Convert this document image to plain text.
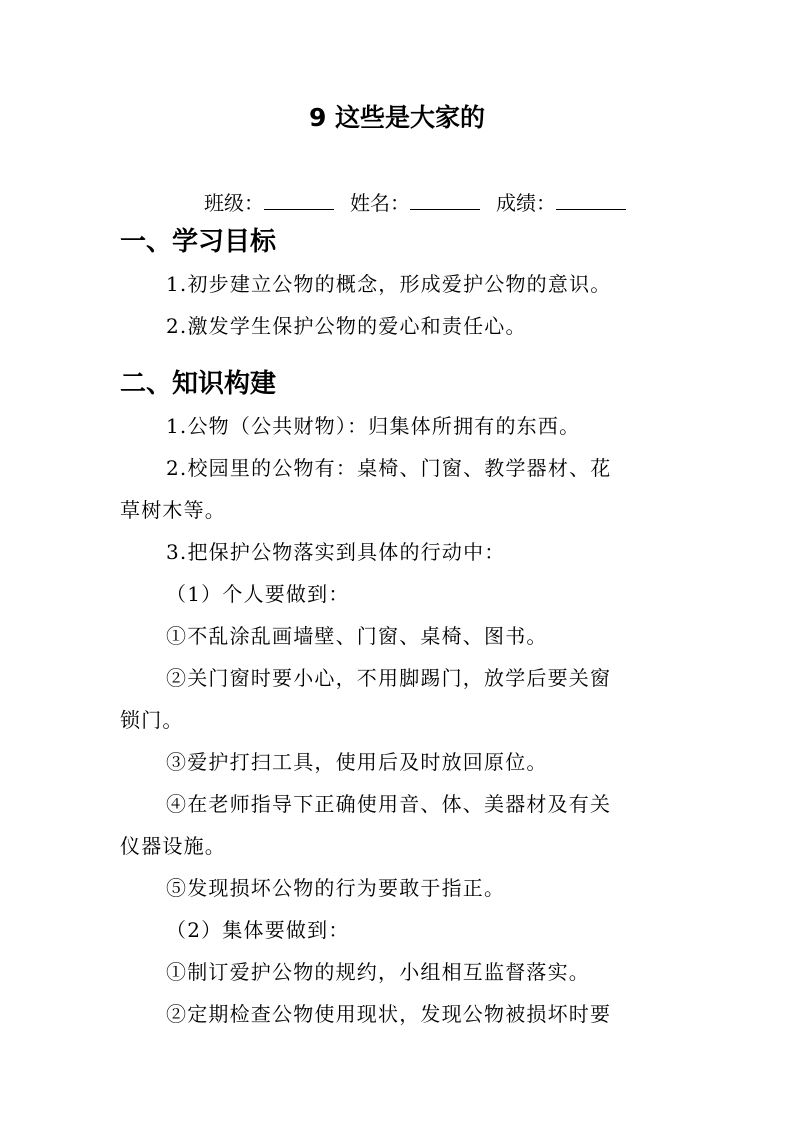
9 这些是大家的
班级：	姓名：	成绩：
一、学习目标
1.初步建立公物的概念，形成爱护公物的意识。
2.激发学生保护公物的爱心和责任心。
二、知识构建
1.公物（公共财物）：归集体所拥有的东西。
2.校园里的公物有：桌椅、门窗、教学器材、花
草树木等。
3.把保护公物落实到具体的行动中：
（1）个人要做到：
①不乱涂乱画墙壁、门窗、桌椅、图书。
②关门窗时要小心，不用脚踢门，放学后要关窗
锁门。
③爱护打扫工具，使用后及时放回原位。
④在老师指导下正确使用音、体、美器材及有关
仪器设施。
⑤发现损坏公物的行为要敢于指正。
（2）集体要做到：
①制订爱护公物的规约，小组相互监督落实。
②定期检查公物使用现状，发现公物被损坏时要
